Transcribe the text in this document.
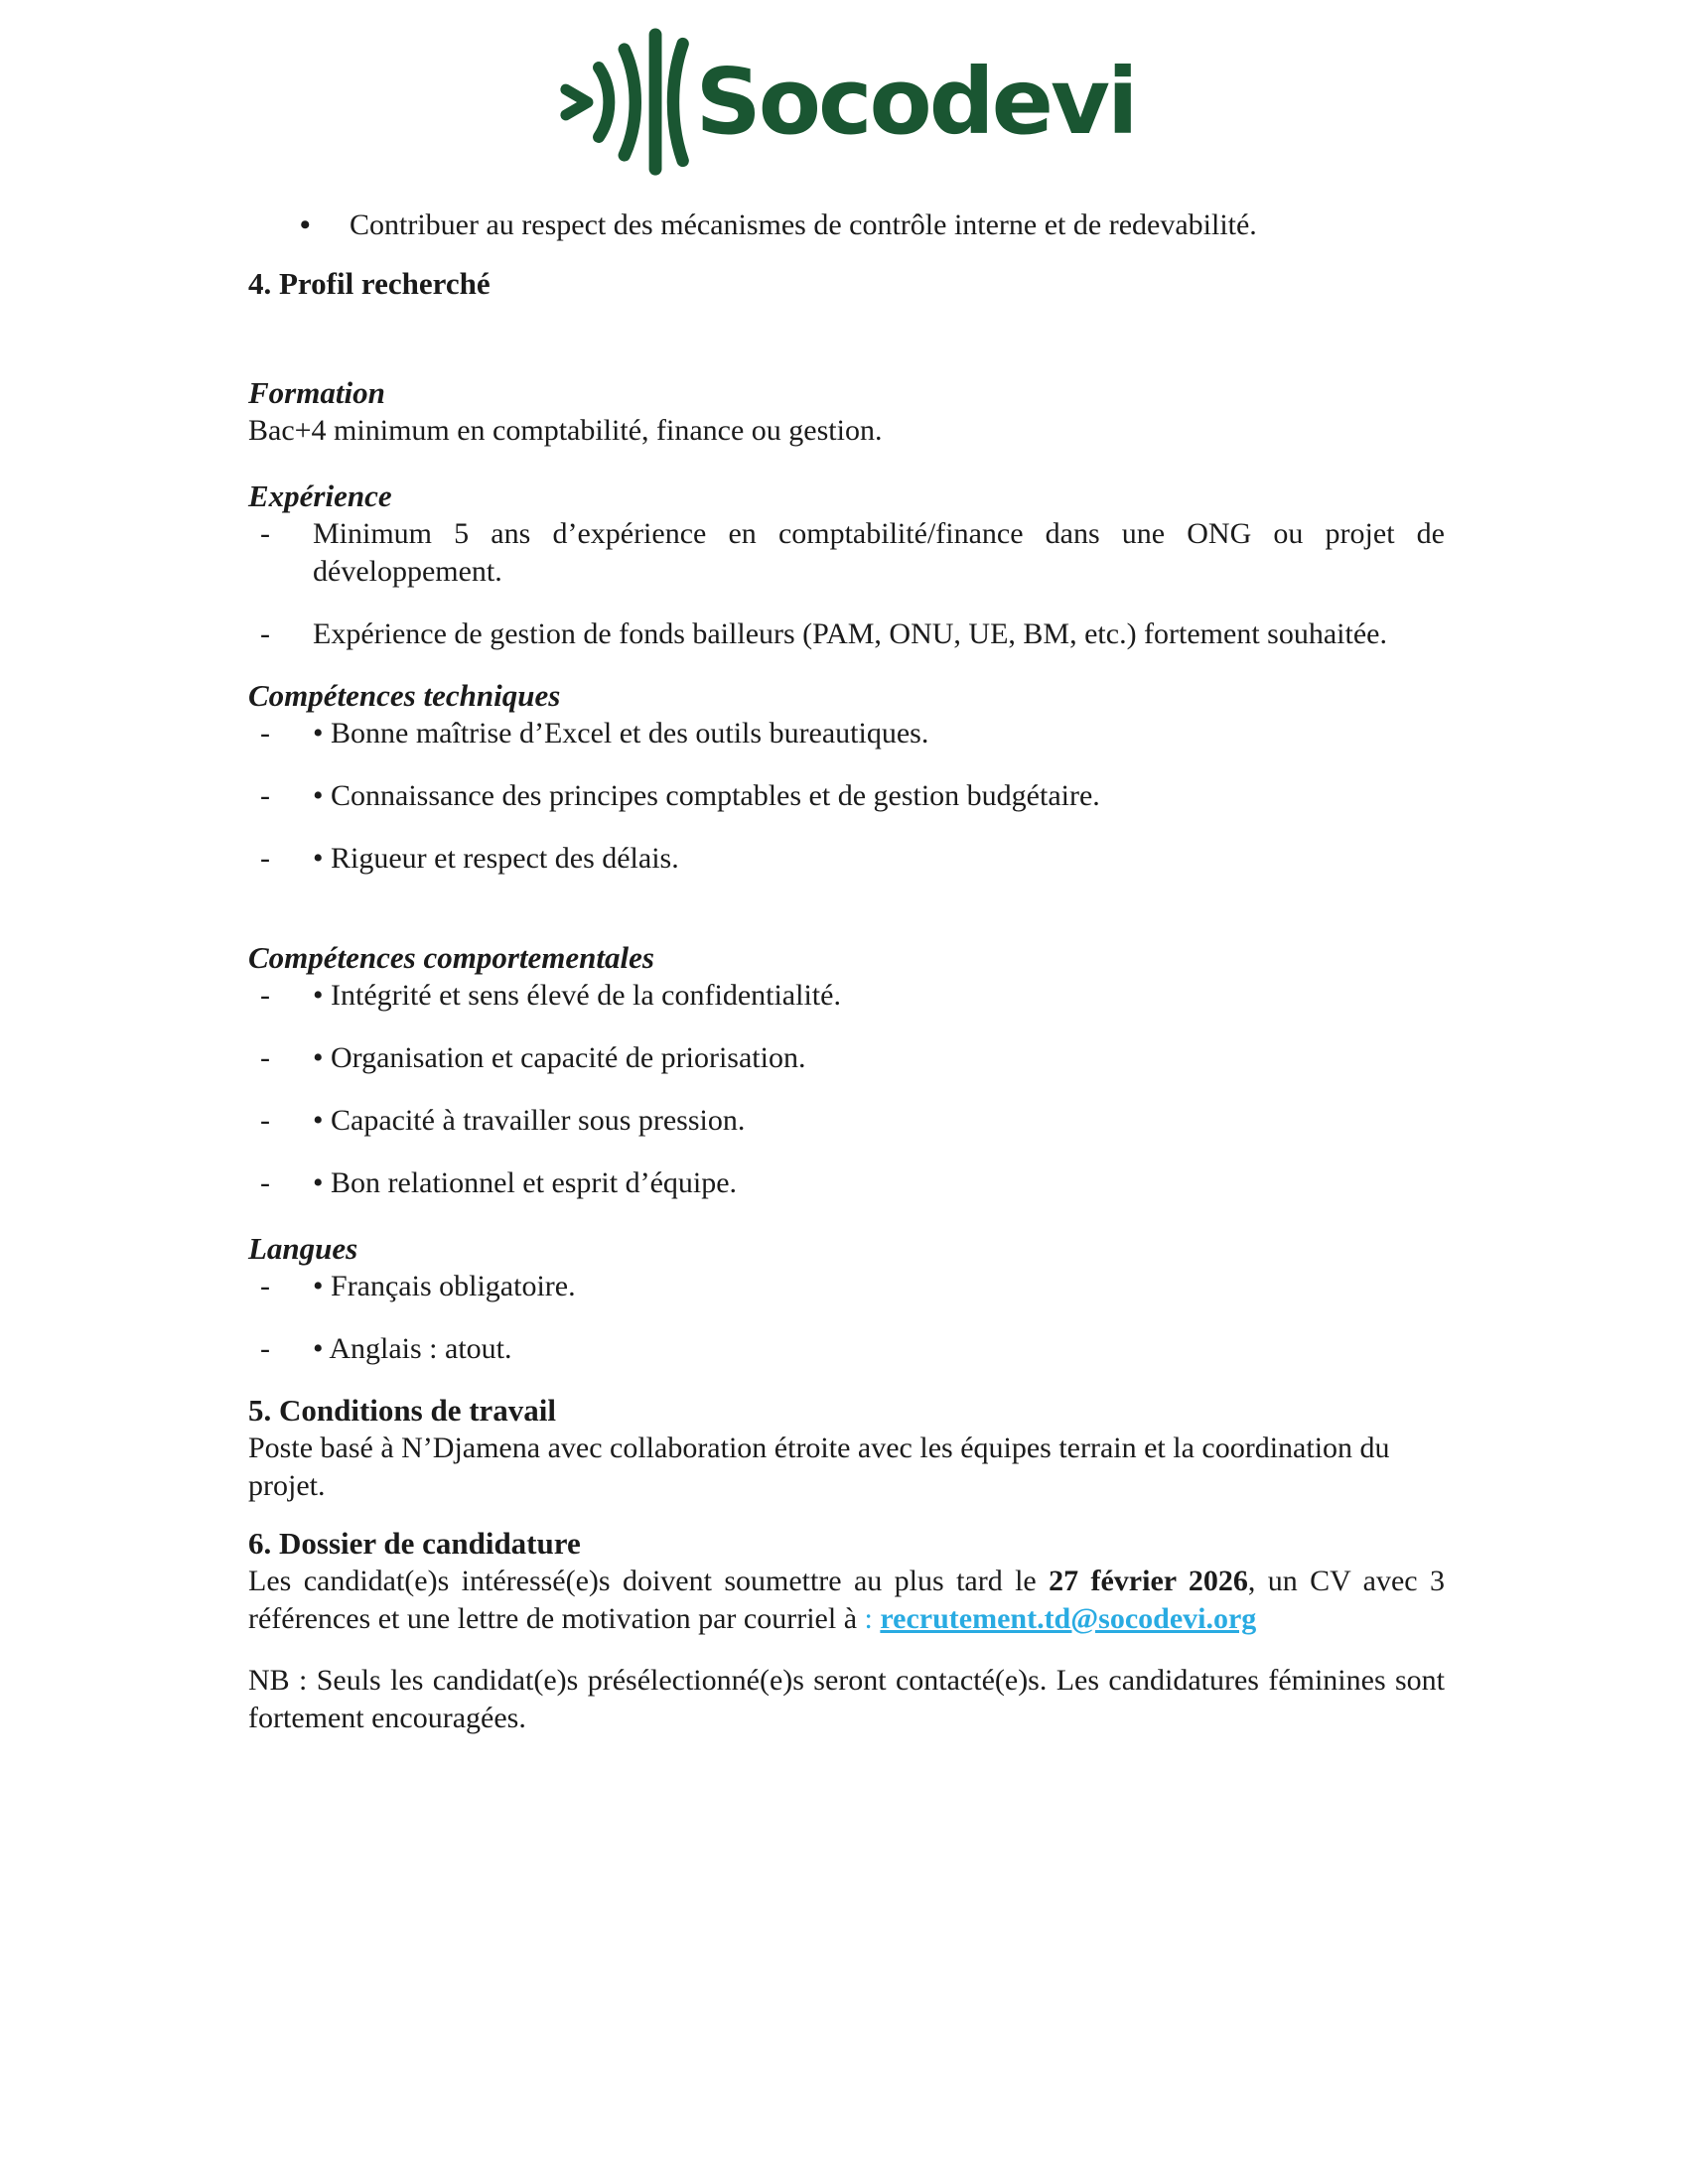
Socodevi
• Contribuer au respect des mécanismes de contrôle interne et de redevabilité.
4. Profil recherché
Formation

Bac+4 minimum en comptabilité, finance ou gestion.

Expérience
- Minimum 5 ans d’expérience en comptabilité/finance dans une ONG ou projet de développement.
- Expérience de gestion de fonds bailleurs (PAM, ONU, UE, BM, etc.) fortement souhaitée.
Compétences techniques
- • Bonne maîtrise d’Excel et des outils bureautiques.
- • Connaissance des principes comptables et de gestion budgétaire.
- • Rigueur et respect des délais.
Compétences comportementales
- • Intégrité et sens élevé de la confidentialité.
- • Organisation et capacité de priorisation.
- • Capacité à travailler sous pression.
- • Bon relationnel et esprit d’équipe.
Langues
- • Français obligatoire.
- • Anglais : atout.
5. Conditions de travail

Poste basé à N’Djamena avec collaboration étroite avec les équipes terrain et la coordination du projet.

6. Dossier de candidature

Les candidat(e)s intéressé(e)s doivent soumettre au plus tard le 27 février 2026, un CV avec 3 références et une lettre de motivation par courriel à : recrutement.td@socodevi.org

NB : Seuls les candidat(e)s présélectionné(e)s seront contacté(e)s. Les candidatures féminines sont fortement encouragées.
